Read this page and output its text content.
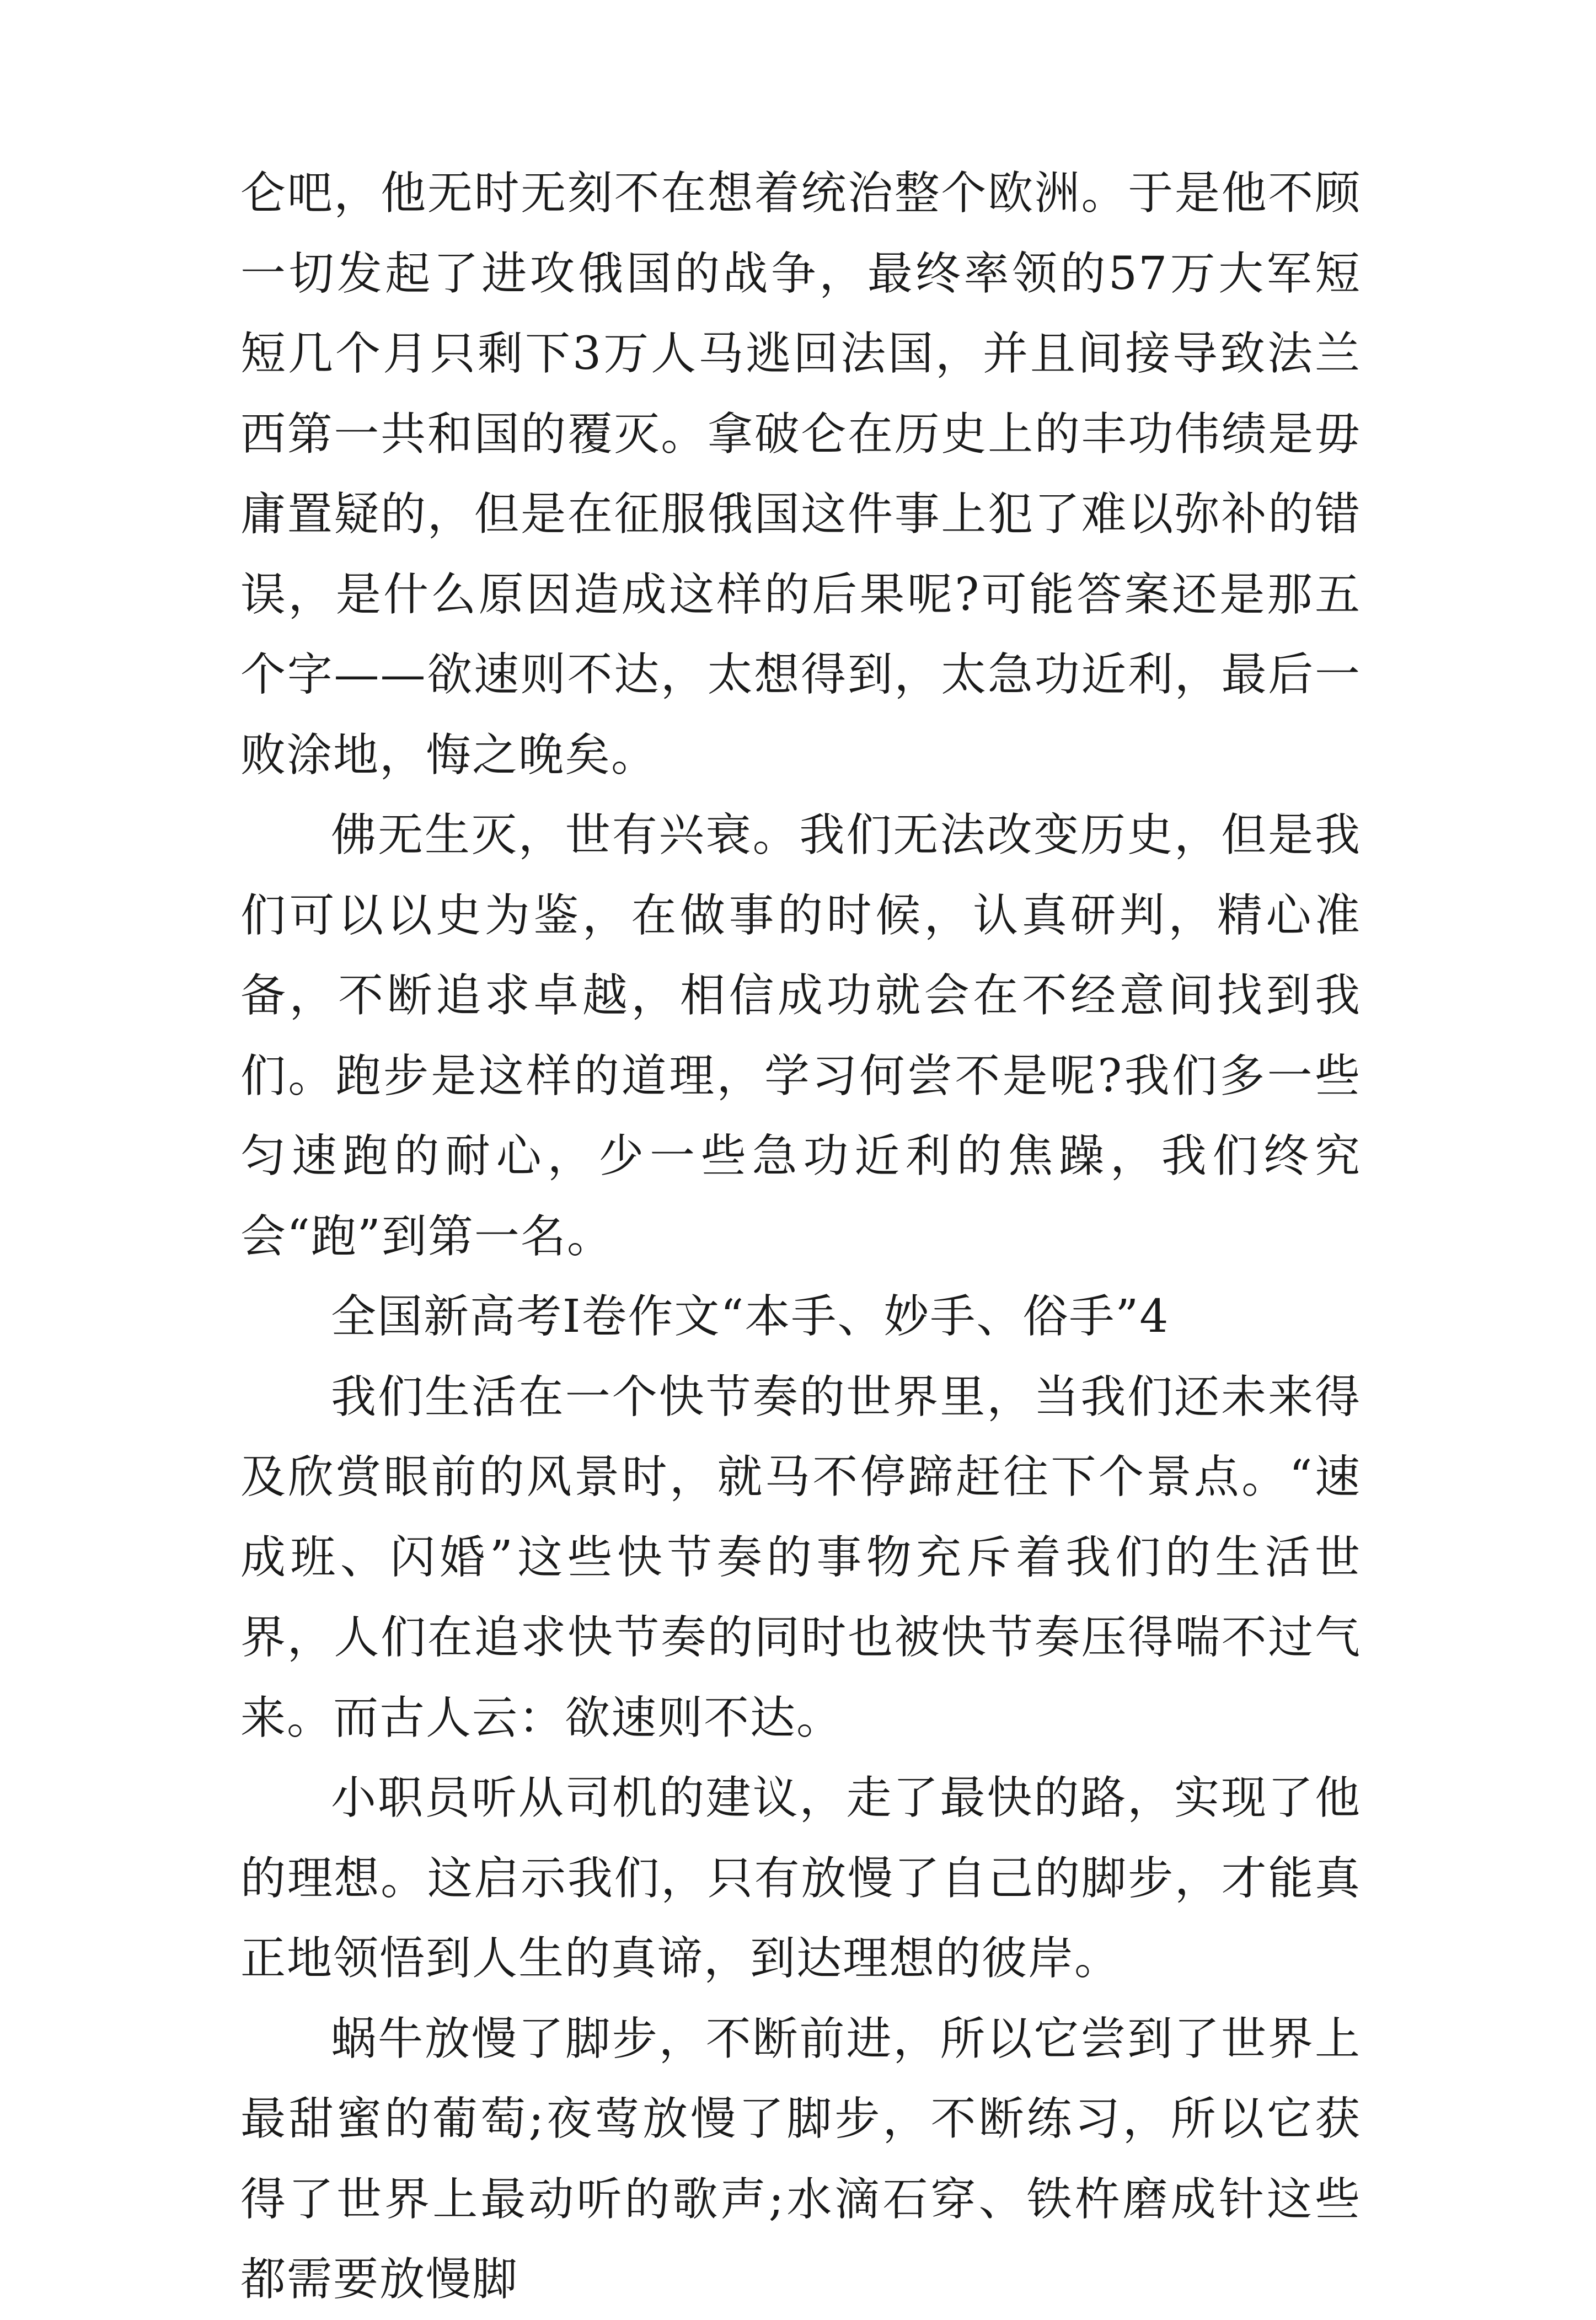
仑吧，他无时无刻不在想着统治整个欧洲。于是他不顾一切发起了进攻俄国的战争，最终率领的57万大军短短几个月只剩下3万人马逃回法国，并且间接导致法兰西第一共和国的覆灭。拿破仑在历史上的丰功伟绩是毋庸置疑的，但是在征服俄国这件事上犯了难以弥补的错误，是什么原因造成这样的后果呢?可能答案还是那五个字——欲速则不达，太想得到，太急功近利，最后一败涂地，悔之晚矣。

佛无生灭，世有兴衰。我们无法改变历史，但是我们可以以史为鉴，在做事的时候，认真研判，精心准备，不断追求卓越，相信成功就会在不经意间找到我们。跑步是这样的道理，学习何尝不是呢?我们多一些匀速跑的耐心，少一些急功近利的焦躁，我们终究会“跑”到第一名。

全国新高考Ⅰ卷作文“本手、妙手、俗手”4

我们生活在一个快节奏的世界里，当我们还未来得及欣赏眼前的风景时，就马不停蹄赶往下个景点。“速成班、闪婚”这些快节奏的事物充斥着我们的生活世界，人们在追求快节奏的同时也被快节奏压得喘不过气来。而古人云：欲速则不达。

小职员听从司机的建议，走了最快的路，实现了他的理想。这启示我们，只有放慢了自己的脚步，才能真正地领悟到人生的真谛，到达理想的彼岸。

蜗牛放慢了脚步，不断前进，所以它尝到了世界上最甜蜜的葡萄;夜莺放慢了脚步，不断练习，所以它获得了世界上最动听的歌声;水滴石穿、铁杵磨成针这些都需要放慢脚
